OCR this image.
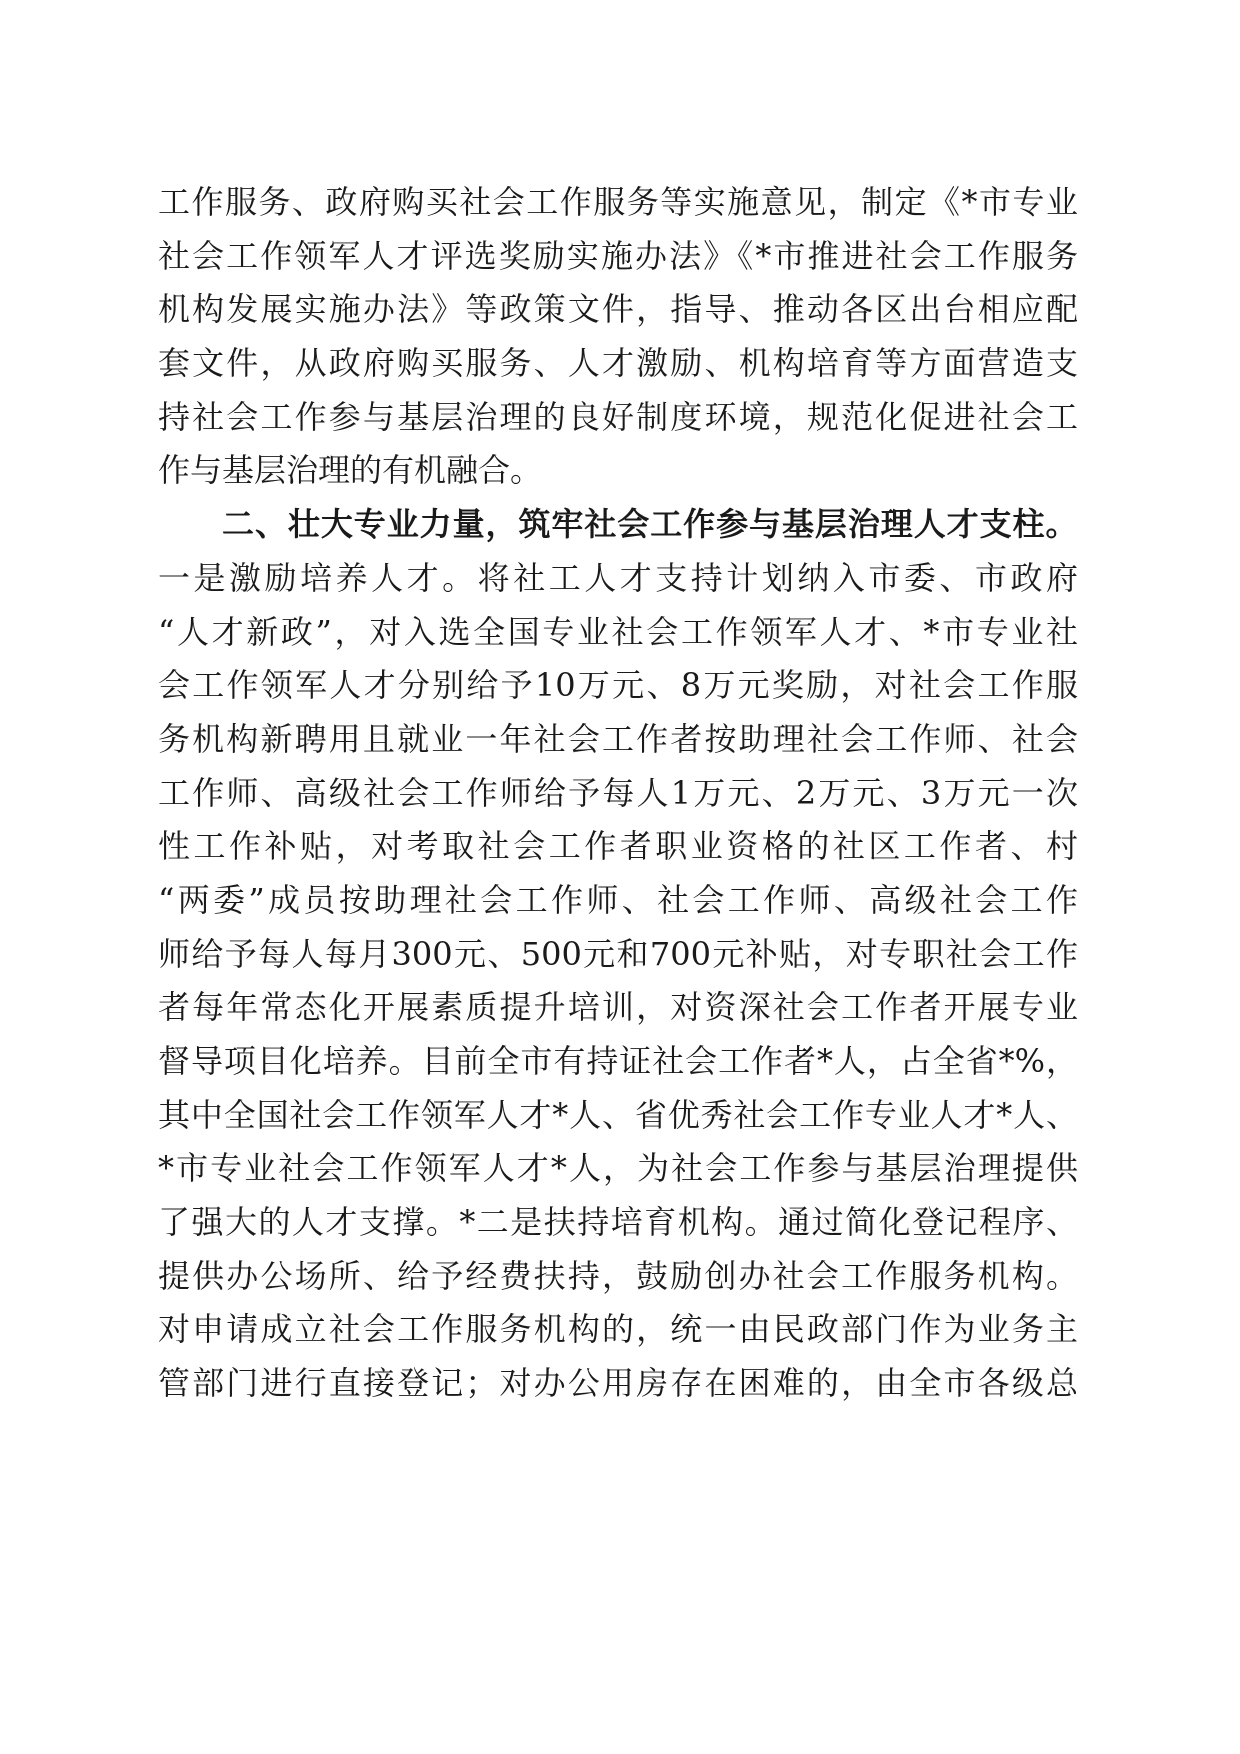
工作服务、政府购买社会工作服务等实施意见，制定《*市专业
社会工作领军人才评选奖励实施办法》《*市推进社会工作服务
机构发展实施办法》等政策文件，指导、推动各区出台相应配
套文件，从政府购买服务、人才激励、机构培育等方面营造支
持社会工作参与基层治理的良好制度环境，规范化促进社会工
作与基层治理的有机融合。
二、壮大专业力量，筑牢社会工作参与基层治理人才支柱。
一是激励培养人才。将社工人才支持计划纳入市委、市政府
“人才新政”，对入选全国专业社会工作领军人才、*市专业社
会工作领军人才分别给予10万元、8万元奖励，对社会工作服
务机构新聘用且就业一年社会工作者按助理社会工作师、社会
工作师、高级社会工作师给予每人1万元、2万元、3万元一次
性工作补贴，对考取社会工作者职业资格的社区工作者、村
“两委”成员按助理社会工作师、社会工作师、高级社会工作
师给予每人每月300元、500元和700元补贴，对专职社会工作
者每年常态化开展素质提升培训，对资深社会工作者开展专业
督导项目化培养。目前全市有持证社会工作者*人，占全省*%，
其中全国社会工作领军人才*人、省优秀社会工作专业人才*人、
*市专业社会工作领军人才*人，为社会工作参与基层治理提供
了强大的人才支撑。*二是扶持培育机构。通过简化登记程序、
提供办公场所、给予经费扶持，鼓励创办社会工作服务机构。
对申请成立社会工作服务机构的，统一由民政部门作为业务主
管部门进行直接登记；对办公用房存在困难的，由全市各级总
